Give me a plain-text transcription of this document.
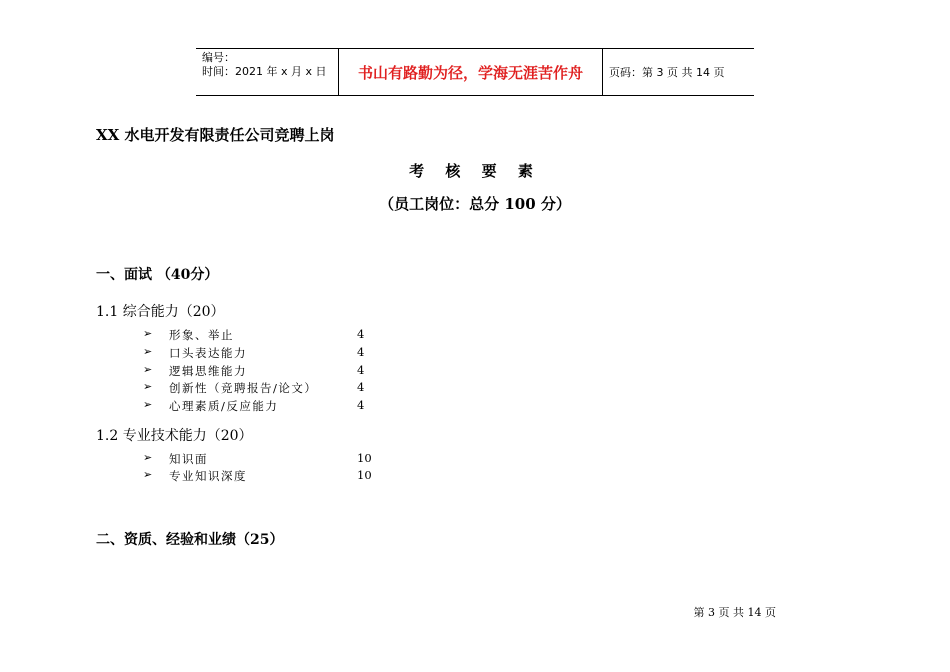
编号：
时间：2021 年 x 月 x 日	书山有路勤为径，学海无涯苦作舟 页码：第 3 页 共 14 页
XX 水电开发有限责任公司竞聘上岗
考 核 要 素
（员工岗位：总分 100 分）
一、面试 （40分）
1.1 综合能力（20）
➢	形象、举止	4
➢	口头表达能力	4
➢	逻辑思维能力	4
➢	创新性（竞聘报告/论文）	4
➢	心理素质/反应能力	4
1.2 专业技术能力（20）
➢	知识面	10
➢	专业知识深度	10
二、资质、经验和业绩（25）
第 3 页 共 14 页
